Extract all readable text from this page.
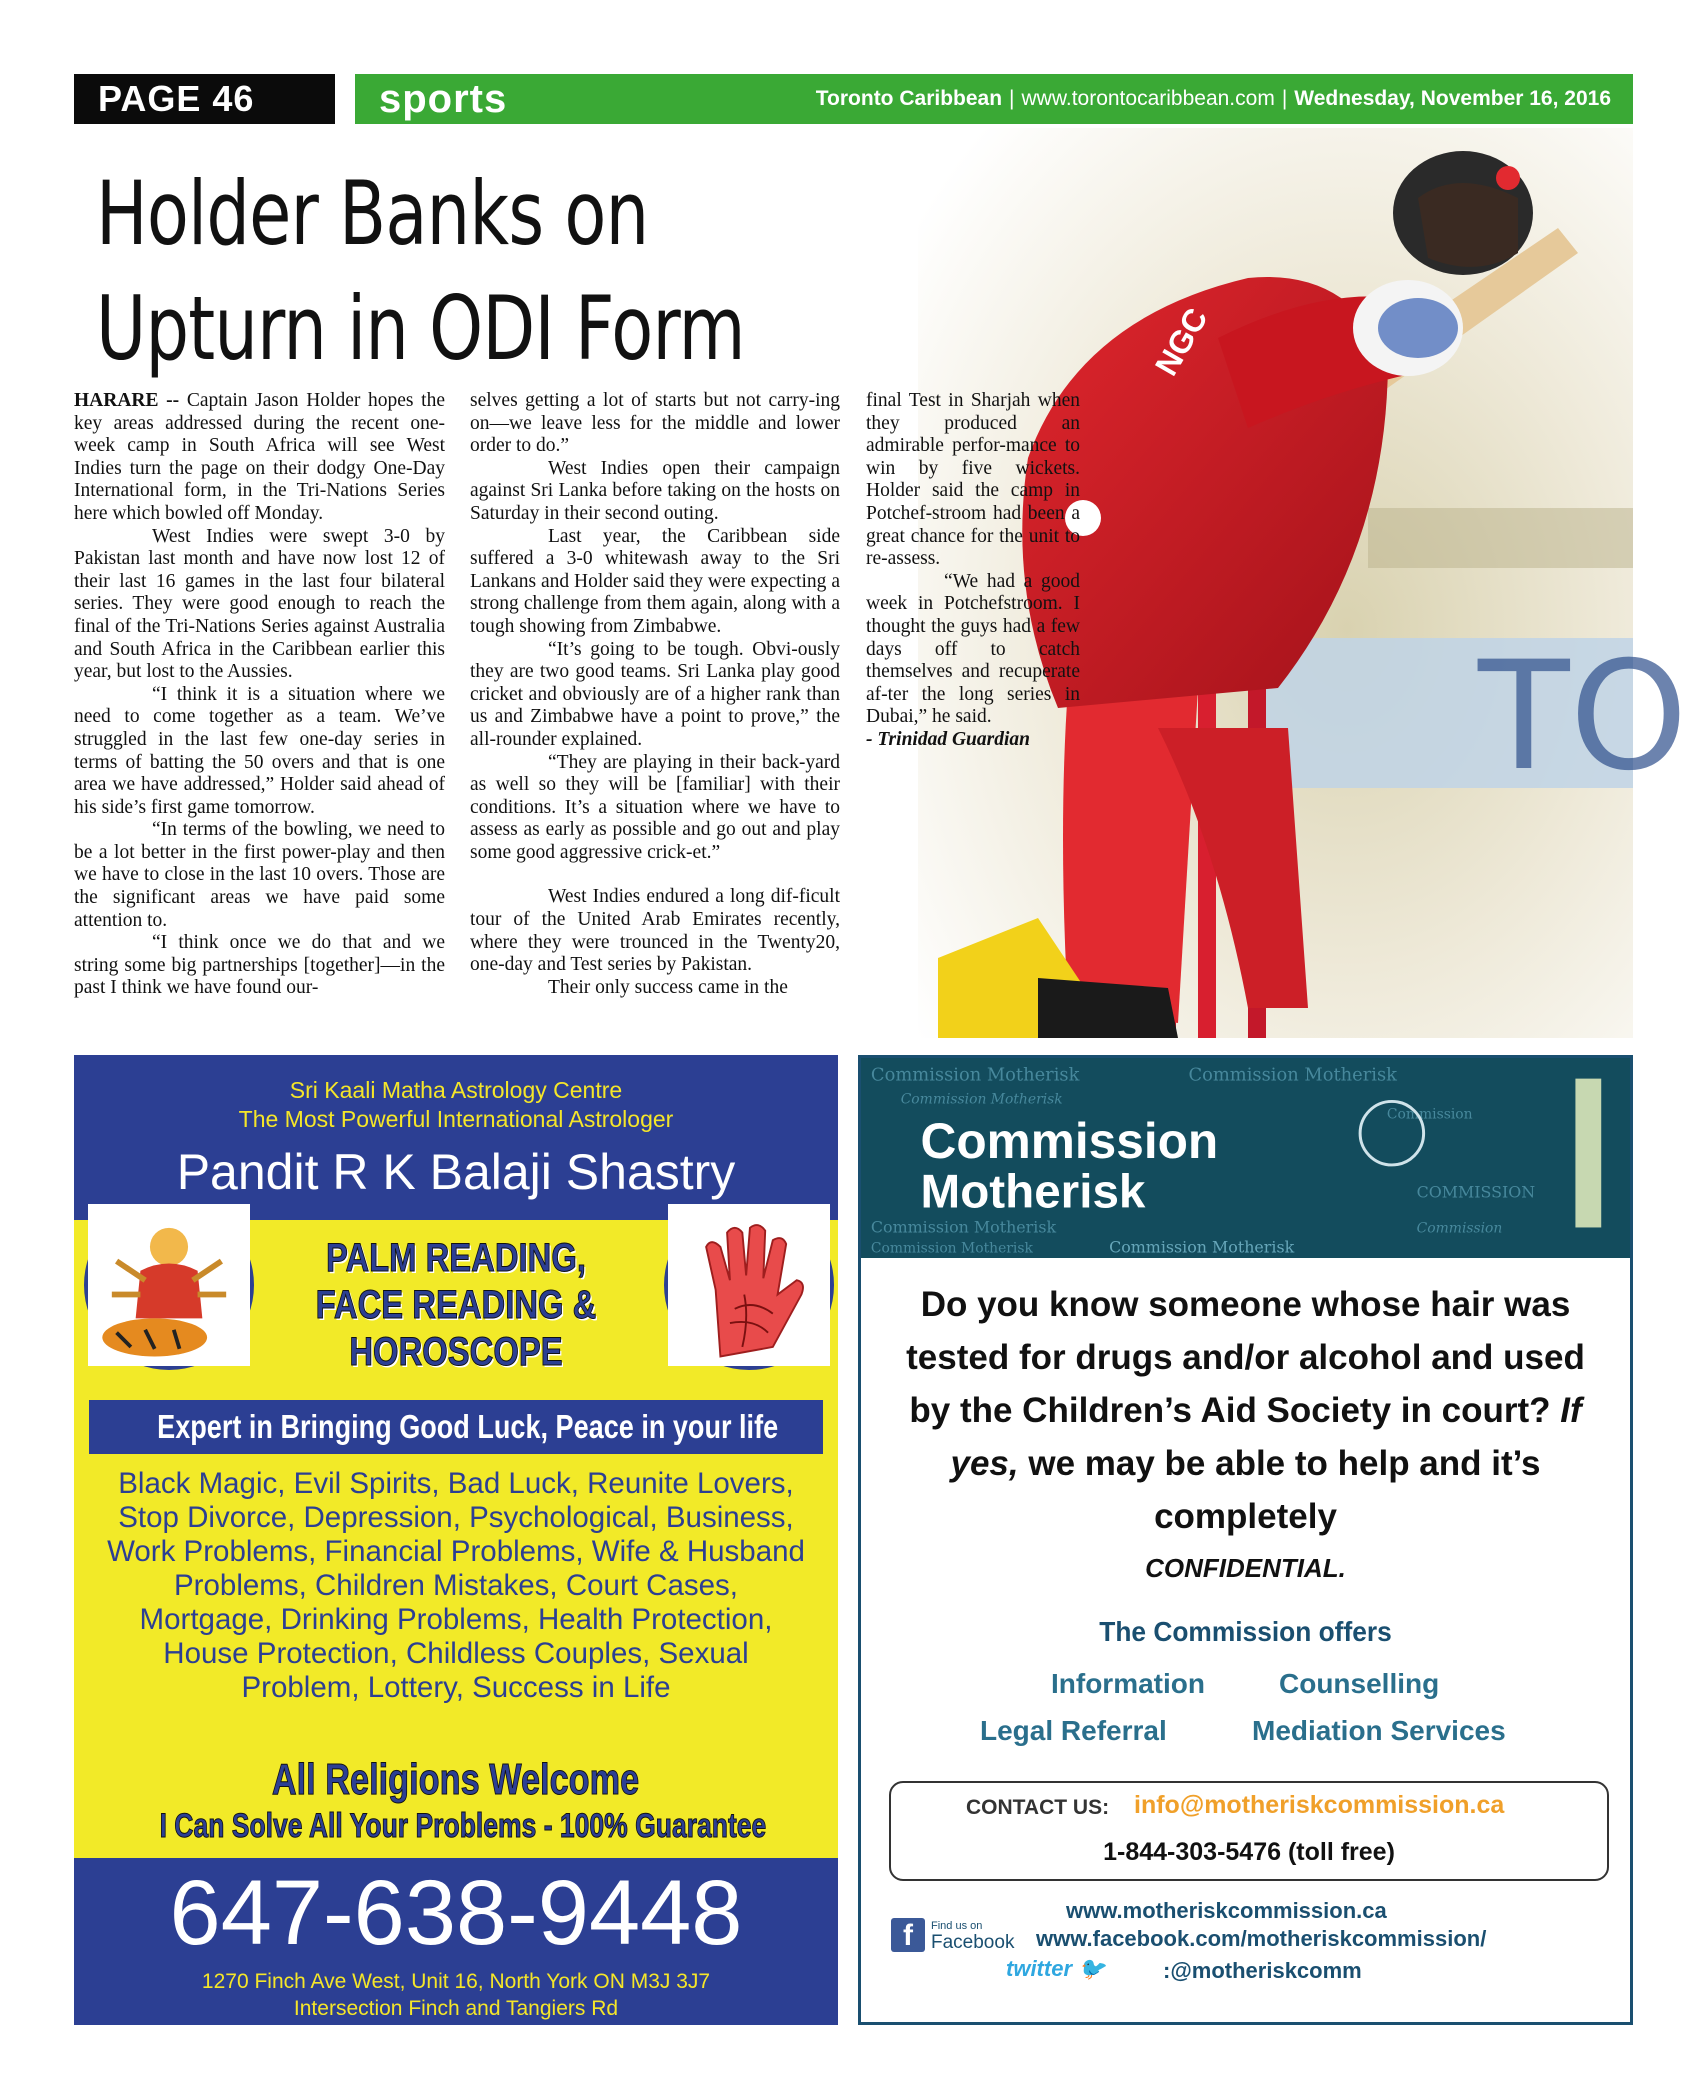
PAGE 46	sports	Toronto Caribbean | www.torontocaribbean.com | Wednesday, November 16, 2016
Holder Banks on
Upturn in ODI Form
TO
NGC

HARARE -- Captain Jason Holder hopes the key areas addressed during the recent one-week camp in South Africa will see West Indies turn the page on their dodgy One-Day International form, in the Tri-Nations Series here which bowled off Monday.

West Indies were swept 3-0 by Pakistan last month and have now lost 12 of their last 16 games in the last four bilateral series. They were good enough to reach the final of the Tri-Nations Series against Australia and South Africa in the Caribbean earlier this year, but lost to the Aussies.

“I think it is a situation where we need to come together as a team. We’ve struggled in the last few one-day series in terms of batting the 50 overs and that is one area we have addressed,” Holder said ahead of his side’s first game tomorrow.

“In terms of the bowling, we need to be a lot better in the first power-play and then we have to close in the last 10 overs. Those are the significant areas we have paid some attention to.

“I think once we do that and we string some big partnerships [together]—in the past I think we have found our-

selves getting a lot of starts but not carry-ing on—we leave less for the middle and lower order to do.”

West Indies open their campaign against Sri Lanka before taking on the hosts on Saturday in their second outing.

Last year, the Caribbean side suffered a 3-0 whitewash away to the Sri Lankans and Holder said they were expecting a strong challenge from them again, along with a tough showing from Zimbabwe.

“It’s going to be tough. Obvi-ously they are two good teams. Sri Lanka play good cricket and obviously are of a higher rank than us and Zimbabwe have a point to prove,” the all-rounder explained.

“They are playing in their back-yard as well so they will be [familiar] with their conditions. It’s a situation where we have to assess as early as possible and go out and play some good aggressive crick-et.”

West Indies endured a long dif-ficult tour of the United Arab Emirates recently, where they were trounced in the Twenty20, one-day and Test series by Pakistan.

Their only success came in the

final Test in Sharjah when they produced an admirable perfor-mance to win by five wickets. Holder said the camp in Potchef-stroom had been a great chance for the unit to re-assess.

“We had a good week in Potchefstroom. I thought the guys had a few days off to catch themselves and recuperate af-ter the long series in Dubai,” he said.

- Trinidad Guardian

Sri Kaali Matha Astrology Centre
The Most Powerful International Astrologer
Pandit R K Balaji Shastry
PALM READING,
FACE READING &
HOROSCOPE
Expert in Bringing Good Luck, Peace in your life
Black Magic, Evil Spirits, Bad Luck, Reunite Lovers, Stop Divorce, Depression, Psychological, Business, Work Problems, Financial Problems, Wife & Husband Problems, Children Mistakes, Court Cases, Mortgage, Drinking Problems, Health Protection, House Protection, Childless Couples, Sexual Problem, Lottery, Success in Life
All Religions Welcome
I Can Solve All Your Problems - 100% Guarantee
647-638-9448
1270 Finch Ave West, Unit 16, North York ON M3J 3J7
Intersection Finch and Tangiers Rd
Commission Motherisk	Commission Motherisk
Commission Motherisk
Commission Motherisk
Commission
COMMISSION
Commission Motherisk	Commission Motherisk
Commission
Commission
Motherisk
Do you know someone whose hair was tested for drugs and/or alcohol and used by the Children’s Aid Society in court? If yes, we may be able to help and it’s completely
CONFIDENTIAL.
The Commission offers
Information	Counselling
Legal Referral	Mediation Services
CONTACT US: info@motheriskcommission.ca
1-844-303-5476 (toll free)
www.motheriskcommission.ca
f	Find us on
Facebook www.facebook.com/motheriskcommission/
twitter 🐦	:@motheriskcomm
